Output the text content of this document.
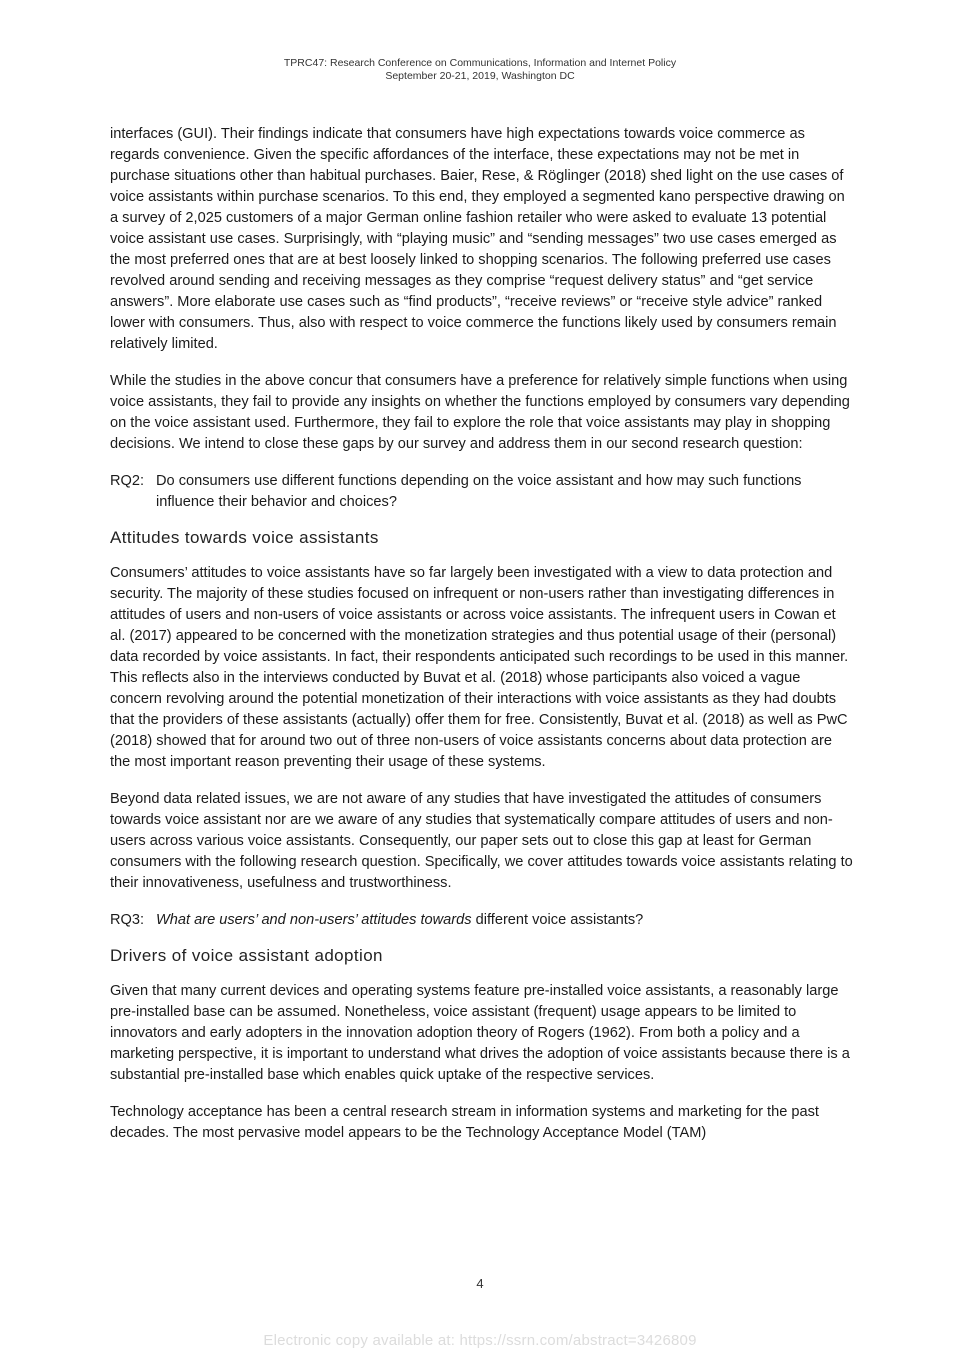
TPRC47: Research Conference on Communications, Information and Internet Policy
September 20-21, 2019, Washington DC

interfaces (GUI). Their findings indicate that consumers have high expectations towards voice commerce as regards convenience. Given the specific affordances of the interface, these expectations may not be met in purchase situations other than habitual purchases. Baier, Rese, & Röglinger (2018) shed light on the use cases of voice assistants within purchase scenarios. To this end, they employed a segmented kano perspective drawing on a survey of 2,025 customers of a major German online fashion retailer who were asked to evaluate 13 potential voice assistant use cases. Surprisingly, with “playing music” and “sending messages” two use cases emerged as the most preferred ones that are at best loosely linked to shopping scenarios. The following preferred use cases revolved around sending and receiving messages as they comprise “request delivery status” and “get service answers”. More elaborate use cases such as “find products”, “receive reviews” or “receive style advice” ranked lower with consumers. Thus, also with respect to voice commerce the functions likely used by consumers remain relatively limited.

While the studies in the above concur that consumers have a preference for relatively simple functions when using voice assistants, they fail to provide any insights on whether the functions employed by consumers vary depending on the voice assistant used. Furthermore, they fail to explore the role that voice assistants may play in shopping decisions. We intend to close these gaps by our survey and address them in our second research question:

RQ2: Do consumers use different functions depending on the voice assistant and how may such functions influence their behavior and choices?
Attitudes towards voice assistants

Consumers’ attitudes to voice assistants have so far largely been investigated with a view to data protection and security. The majority of these studies focused on infrequent or non-users rather than investigating differences in attitudes of users and non-users of voice assistants or across voice assistants. The infrequent users in Cowan et al. (2017) appeared to be concerned with the monetization strategies and thus potential usage of their (personal) data recorded by voice assistants. In fact, their respondents anticipated such recordings to be used in this manner. This reflects also in the interviews conducted by Buvat et al. (2018) whose participants also voiced a vague concern revolving around the potential monetization of their interactions with voice assistants as they had doubts that the providers of these assistants (actually) offer them for free. Consistently, Buvat et al. (2018) as well as PwC (2018) showed that for around two out of three non-users of voice assistants concerns about data protection are the most important reason preventing their usage of these systems.

Beyond data related issues, we are not aware of any studies that have investigated the attitudes of consumers towards voice assistant nor are we aware of any studies that systematically compare attitudes of users and non-users across various voice assistants. Consequently, our paper sets out to close this gap at least for German consumers with the following research question. Specifically, we cover attitudes towards voice assistants relating to their innovativeness, usefulness and trustworthiness.

RQ3: What are users’ and non-users’ attitudes towards different voice assistants?
Drivers of voice assistant adoption

Given that many current devices and operating systems feature pre-installed voice assistants, a reasonably large pre-installed base can be assumed. Nonetheless, voice assistant (frequent) usage appears to be limited to innovators and early adopters in the innovation adoption theory of Rogers (1962). From both a policy and a marketing perspective, it is important to understand what drives the adoption of voice assistants because there is a substantial pre-installed base which enables quick uptake of the respective services.

Technology acceptance has been a central research stream in information systems and marketing for the past decades. The most pervasive model appears to be the Technology Acceptance Model (TAM)

4
Electronic copy available at: https://ssrn.com/abstract=3426809
